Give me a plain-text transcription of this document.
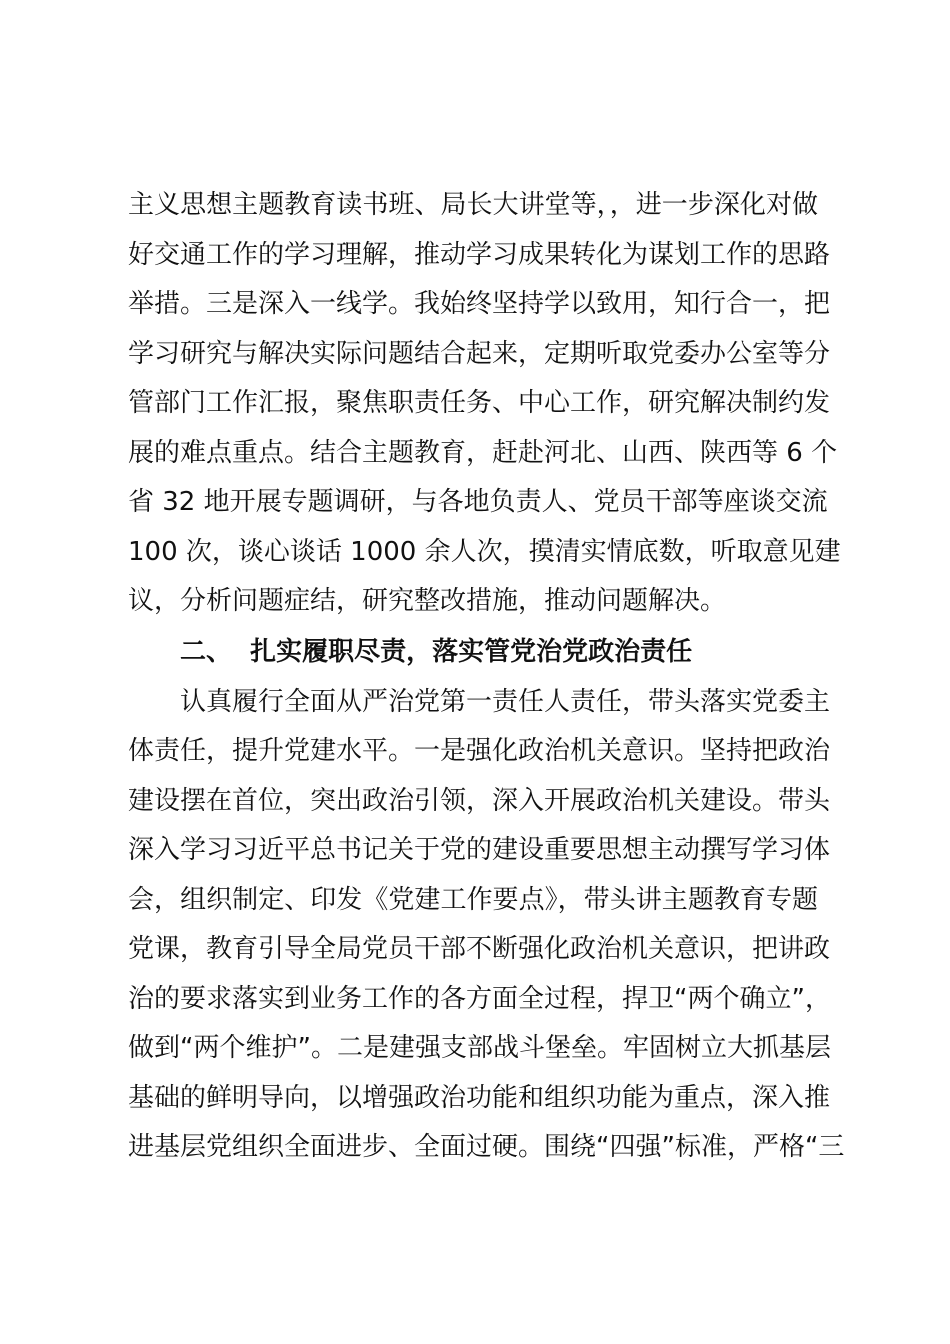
主义思想主题教育读书班、局长大讲堂等，，进一步深化对做
好交通工作的学习理解，推动学习成果转化为谋划工作的思路
举措。三是深入一线学。我始终坚持学以致用，知行合一，把
学习研究与解决实际问题结合起来，定期听取党委办公室等分
管部门工作汇报，聚焦职责任务、中心工作，研究解决制约发
展的难点重点。结合主题教育，赶赴河北、山西、陕西等 6 个
省 32 地开展专题调研，与各地负责人、党员干部等座谈交流
100 次，谈心谈话 1000 余人次，摸清实情底数，听取意见建
议，分析问题症结，研究整改措施，推动问题解决。
二、  扎实履职尽责，落实管党治党政治责任
认真履行全面从严治党第一责任人责任，带头落实党委主
体责任，提升党建水平。一是强化政治机关意识。坚持把政治
建设摆在首位，突出政治引领，深入开展政治机关建设。带头
深入学习习近平总书记关于党的建设重要思想主动撰写学习体
会，组织制定、印发《党建工作要点》，带头讲主题教育专题
党课，教育引导全局党员干部不断强化政治机关意识，把讲政
治的要求落实到业务工作的各方面全过程，捍卫“两个确立”，
做到“两个维护”。二是建强支部战斗堡垒。牢固树立大抓基层
基础的鲜明导向，以增强政治功能和组织功能为重点，深入推
进基层党组织全面进步、全面过硬。围绕“四强”标准，严格“三
